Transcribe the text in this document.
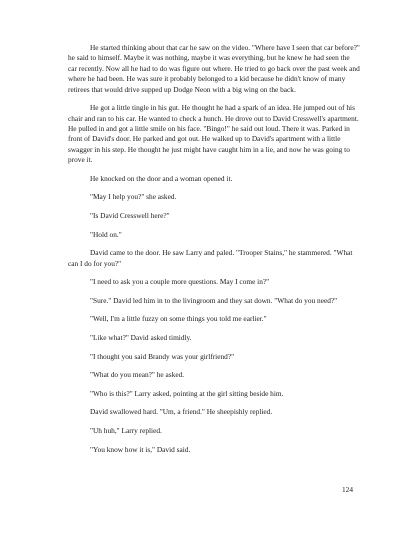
He started thinking about that car he saw on the video. "Where have I seen that car before?" he said to himself. Maybe it was nothing, maybe it was everything, but he knew he had seen the car recently. Now all he had to do was figure out where. He tried to go back over the past week and where he had been. He was sure it probably belonged to a kid because he didn't know of many retirees that would drive supped up Dodge Neon with a big wing on the back.

He got a little tingle in his gut. He thought he had a spark of an idea. He jumped out of his chair and ran to his car. He wanted to check a hunch. He drove out to David Cresswell's apartment. He pulled in and got a little smile on his face. "Bingo!" he said out loud. There it was. Parked in front of David's door. He parked and got out. He walked up to David's apartment with a little swagger in his step. He thought he just might have caught him in a lie, and now he was going to prove it.

He knocked on the door and a woman opened it.

"May I help you?" she asked.

"Is David Cresswell here?"

"Hold on."

David came to the door. He saw Larry and paled. "Trooper Stains," he stammered. "What can I do for you?"

"I need to ask you a couple more questions. May I come in?"

"Sure." David led him in to the livingroom and they sat down. "What do you need?"

"Well, I'm a little fuzzy on some things you told me earlier."

"Like what?" David asked timidly.

"I thought you said Brandy was your girlfriend?"

"What do you mean?" he asked.

"Who is this?" Larry asked, pointing at the girl sitting beside him.

David swallowed hard. "Um, a friend." He sheepishly replied.

"Uh huh," Larry replied.

"You know how it is," David said.

124
